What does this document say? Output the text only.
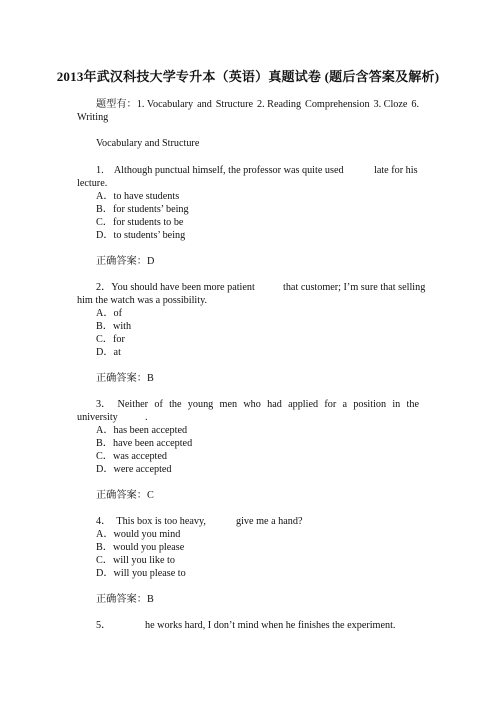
2013年武汉科技大学专升本（英语）真题试卷 (题后含答案及解析)
题型有：1. Vocabulary and Structure 2. Reading Comprehension 3. Cloze 6.
Writing
Vocabulary and Structure
1.　Although punctual himself, the professor was quite used	late for his
lecture.
A．to have students
B．for students’ being
C．for students to be
D．to students’ being
正确答案：D
2．You should have been more patient	that customer; I’m sure that selling
him the watch was a possibility.
A．of
B．with
C．for
D．at
正确答案：B
3． Neither of the young men who had applied for a position in the
university	.
A．has been accepted
B．have been accepted
C．was accepted
D．were accepted
正确答案：C
4．　This box is too heavy,	give me a hand?
A．would you mind
B．would you please
C．will you like to
D．will you please to
正确答案：B
5．	he works hard, I don’t mind when he finishes the experiment.
